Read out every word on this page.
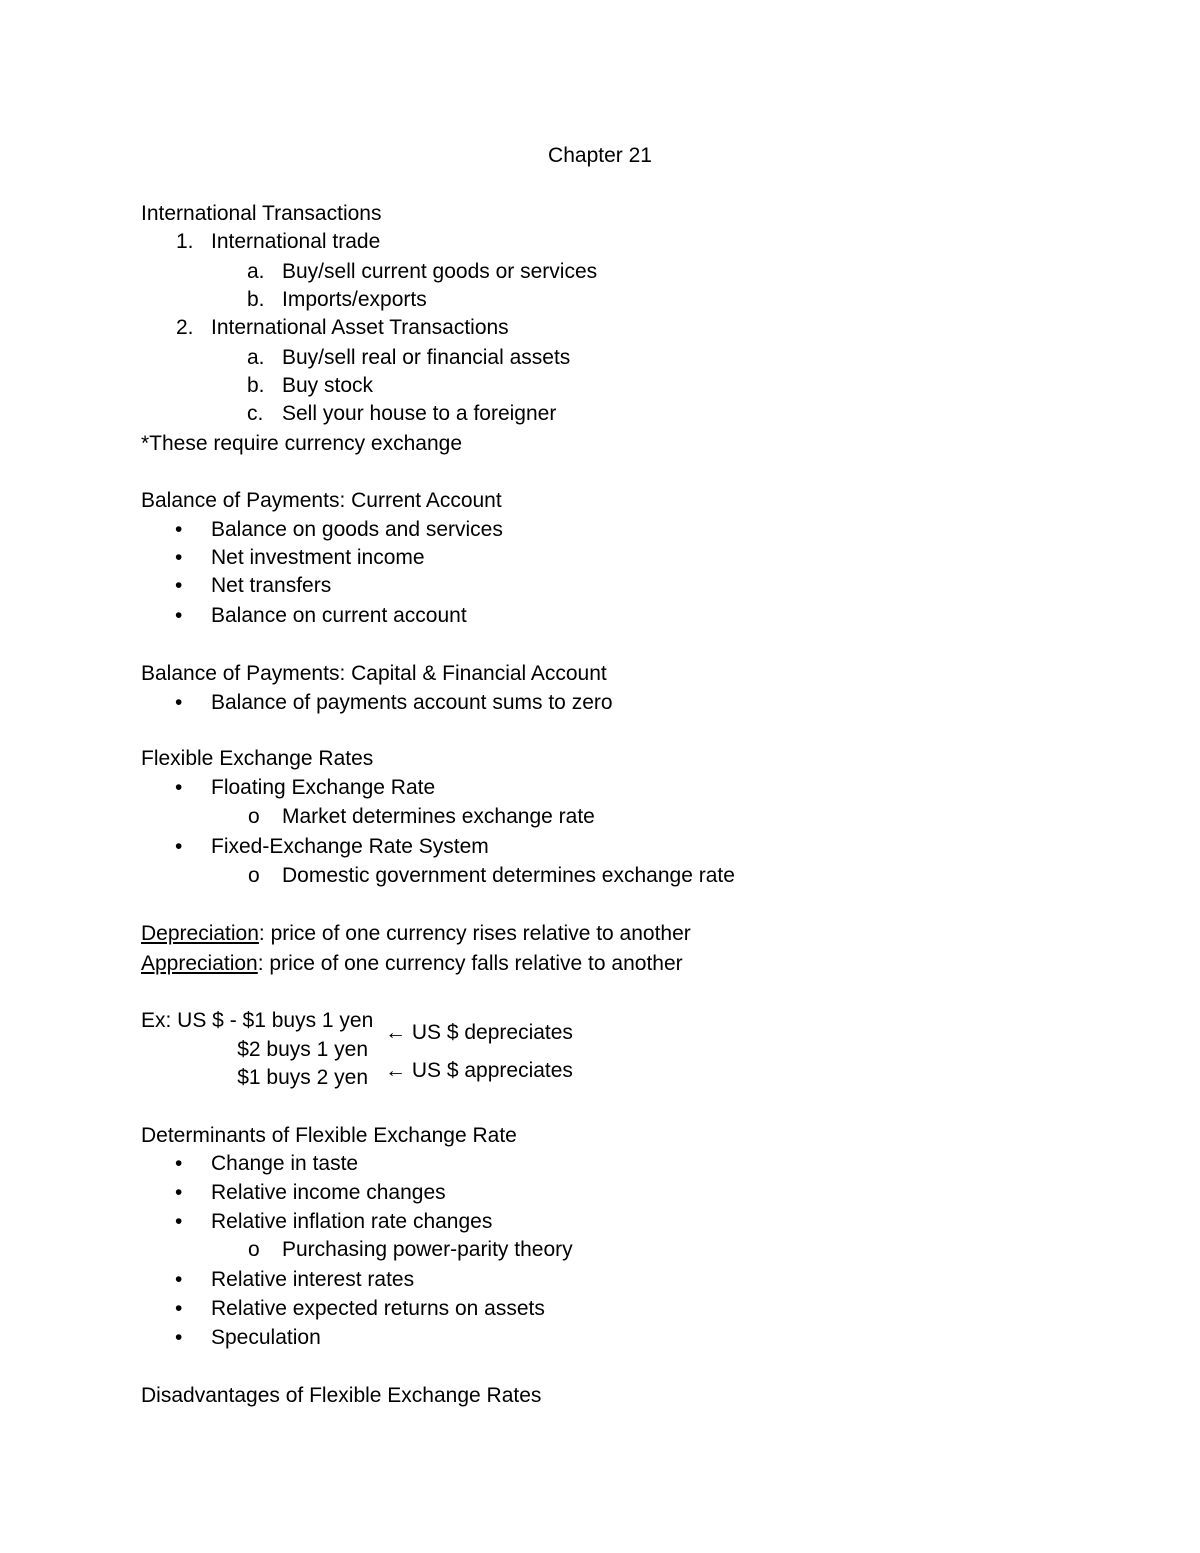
Chapter 21
International Transactions
1. International trade
a. Buy/sell current goods or services
b. Imports/exports
2. International Asset Transactions
a. Buy/sell real or financial assets
b. Buy stock
c. Sell your house to a foreigner
*These require currency exchange
Balance of Payments: Current Account
• Balance on goods and services
• Net investment income
• Net transfers
• Balance on current account
Balance of Payments: Capital & Financial Account
• Balance of payments account sums to zero
Flexible Exchange Rates
• Floating Exchange Rate
o Market determines exchange rate
• Fixed-Exchange Rate System
o Domestic government determines exchange rate
Depreciation: price of one currency rises relative to another
Appreciation: price of one currency falls relative to another
Ex: US $ - $1 buys 1 yen
$2 buys 1 yen
$1 buys 2 yen
← US $ depreciates
← US $ appreciates
Determinants of Flexible Exchange Rate
• Change in taste
• Relative income changes
• Relative inflation rate changes
o Purchasing power-parity theory
• Relative interest rates
• Relative expected returns on assets
• Speculation
Disadvantages of Flexible Exchange Rates
